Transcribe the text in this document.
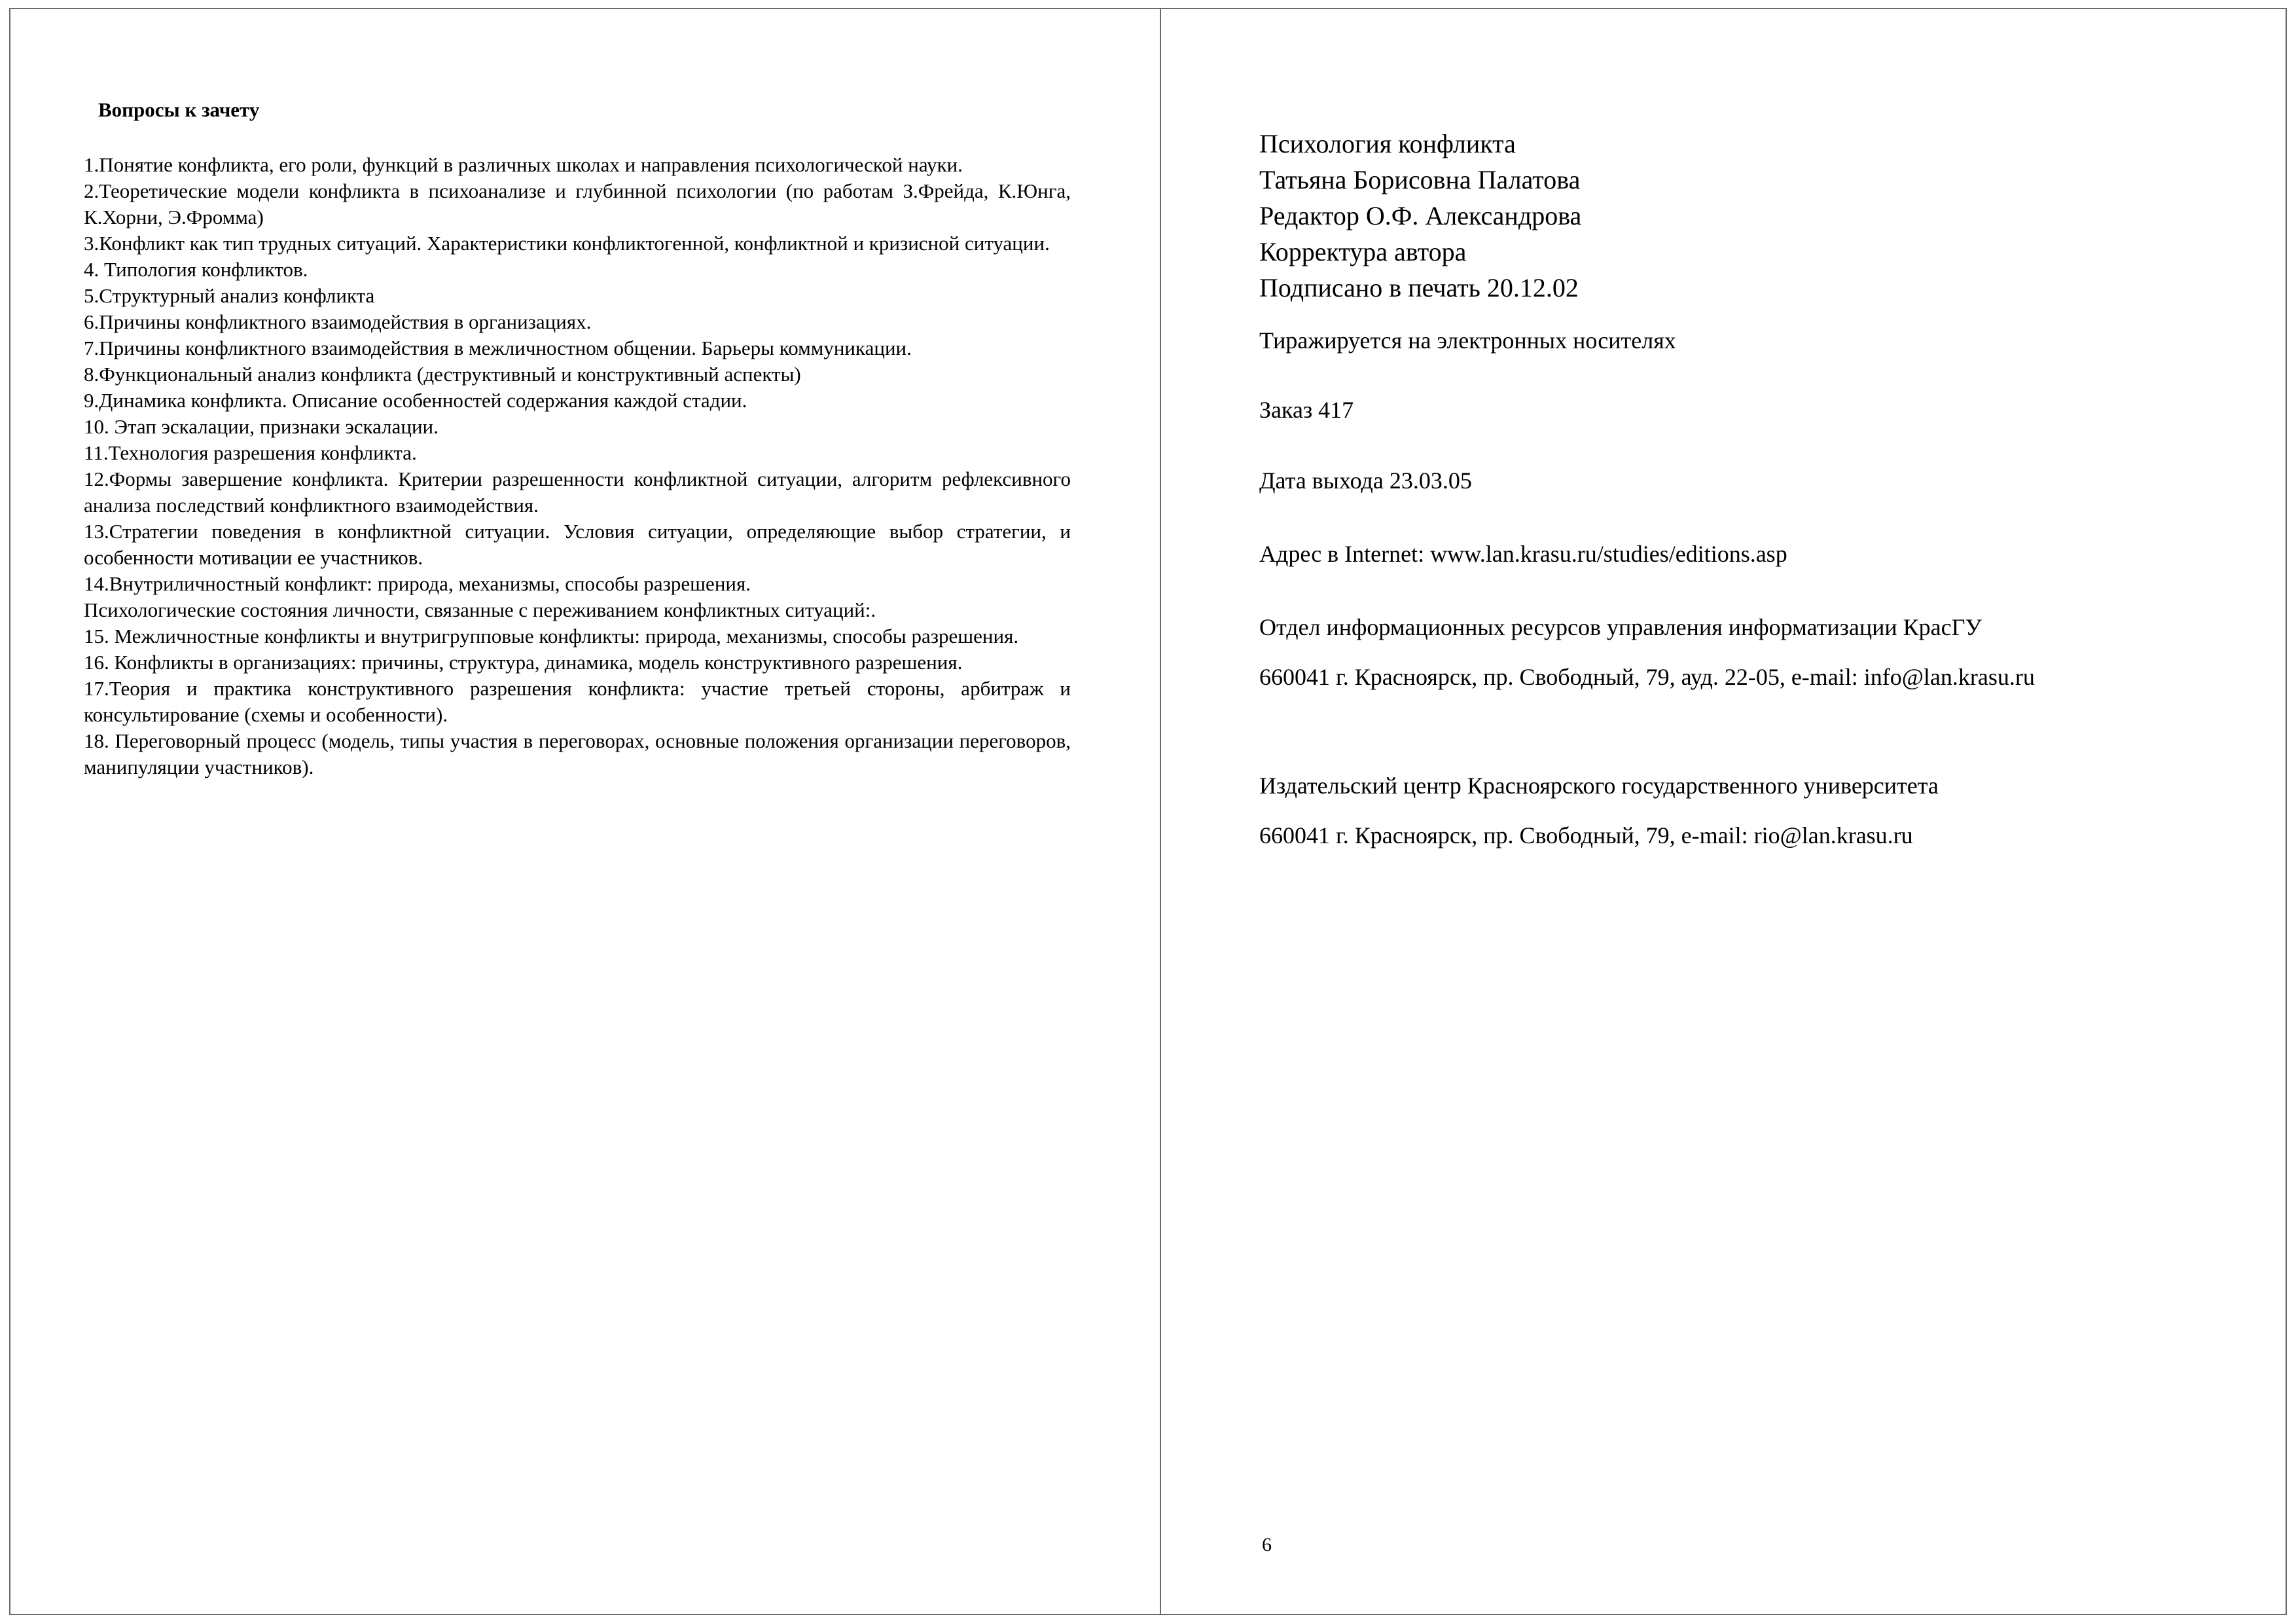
Вопросы к зачету

1.Понятие конфликта, его роли, функций в различных школах и направления психологической науки.

2.Теоретические модели конфликта в психоанализе и глубинной психологии (по работам З.Фрейда, К.Юнга, К.Хорни, Э.Фромма)

3.Конфликт как тип трудных ситуаций. Характеристики конфликтогенной, конфликтной и кризисной ситуации.

4. Типология конфликтов.

5.Структурный анализ конфликта

6.Причины конфликтного взаимодействия в организациях.

7.Причины конфликтного взаимодействия в межличностном общении. Барьеры коммуникации.

8.Функциональный анализ конфликта (деструктивный и конструктивный аспекты)

9.Динамика конфликта. Описание особенностей содержания каждой стадии.

10. Этап эскалации, признаки эскалации.

11.Технология разрешения конфликта.

12.Формы завершение конфликта. Критерии разрешенности конфликтной ситуации, алгоритм рефлексивного анализа последствий конфликтного взаимодействия.

13.Стратегии поведения в конфликтной ситуации. Условия ситуации, определяющие выбор стратегии, и особенности мотивации ее участников.

14.Внутриличностный конфликт: природа, механизмы, способы разрешения.

Психологические состояния личности, связанные с переживанием конфликтных ситуаций:.

15. Межличностные конфликты и внутригрупповые конфликты: природа, механизмы, способы разрешения.

16. Конфликты в организациях: причины, структура, динамика, модель конструктивного разрешения.

17.Теория и практика конструктивного разрешения конфликта: участие третьей стороны, арбитраж и консультирование (схемы и особенности).

18. Переговорный процесс (модель, типы участия в переговорах, основные положения организации переговоров, манипуляции участников).

Психология конфликта

Татьяна Борисовна Палатова

Редактор О.Ф. Александрова

Корректура автора

Подписано в печать 20.12.02

Тиражируется на электронных носителях

Заказ 417

Дата выхода 23.03.05

Адрес в Internet: www.lan.krasu.ru/studies/editions.asp

Отдел информационных ресурсов управления информатизации КрасГУ

660041 г. Красноярск, пр. Свободный, 79, ауд. 22-05, e-mail: info@lan.krasu.ru

Издательский центр Красноярского государственного университета

660041 г. Красноярск, пр. Свободный, 79, e-mail: rio@lan.krasu.ru

6
